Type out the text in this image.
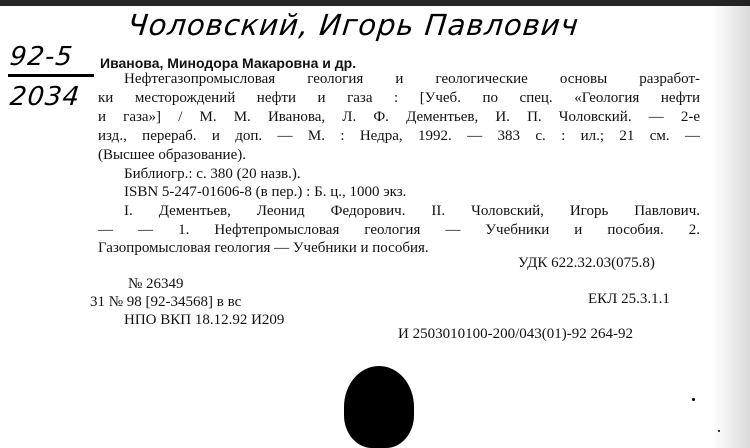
Чоловский, Игорь Павлович
92-5
2034
Иванова, Минодора Макаровна и др.
Нефтегазопромысловая геология и геологические основы разработ-
ки месторождений нефти и газа : [Учеб. по спец. «Геология нефти
и газа»] / М. М. Иванова, Л. Ф. Дементьев, И. П. Чоловский. — 2-е
изд., перераб. и доп. — М. : Недра, 1992. — 383 с. : ил.; 21 см. —
(Высшее образование).
Библиогр.: с. 380 (20 назв.).
ISBN 5-247-01606-8 (в пер.) : Б. ц., 1000 экз.
I. Дементьев, Леонид Федорович. II. Чоловский, Игорь Павлович.
— — 1. Нефтепромысловая геология — Учебники и пособия. 2.
Газопромысловая геология — Учебники и пособия.
УДК 622.32.03(075.8)
№ 26349
31 № 98 [92-34568] в вс	ЕКЛ 25.3.1.1
НПО ВКП 18.12.92 И209
И 2503010100-200/043(01)-92 264-92
